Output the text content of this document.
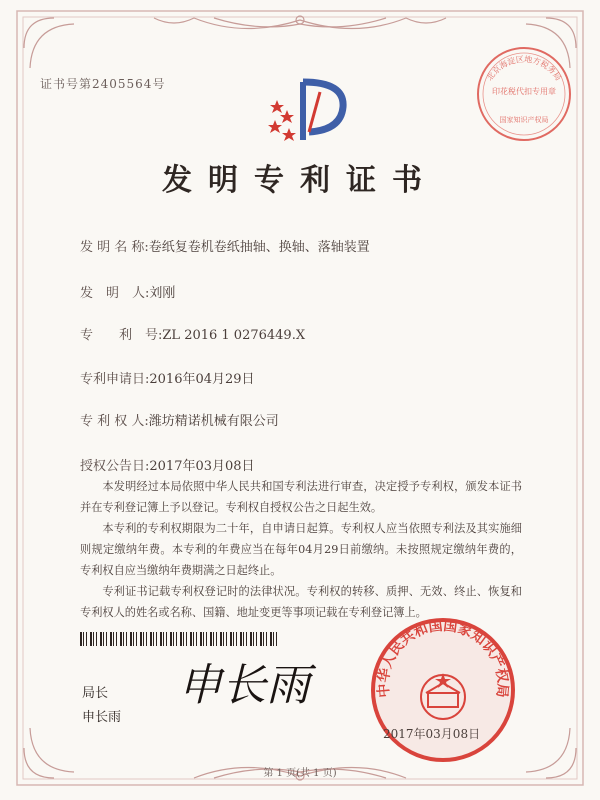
证书号第2405564号
北京海淀区地方税务局
印花税代扣专用章
国家知识产权局
发明专利证书
发 明 名 称:卷纸复卷机卷纸抽轴、换轴、落轴装置
发　明　人:刘刚
专　　利　号:ZL 2016 1 0276449.X
专利申请日:2016年04月29日
专 利 权 人:潍坊精诺机械有限公司
授权公告日:2017年03月08日

本发明经过本局依照中华人民共和国专利法进行审查，决定授予专利权，颁发本证书并在专利登记簿上予以登记。专利权自授权公告之日起生效。

本专利的专利权期限为二十年，自申请日起算。专利权人应当依照专利法及其实施细则规定缴纳年费。本专利的年费应当在每年04月29日前缴纳。未按照规定缴纳年费的，专利权自应当缴纳年费期满之日起终止。

专利证书记载专利权登记时的法律状况。专利权的转移、质押、无效、终止、恢复和专利权人的姓名或名称、国籍、地址变更等事项记载在专利登记簿上。

申长雨
局长
申长雨
中华人民共和国国家知识产权局
2017年03月08日
第 1 页(共 1 页)
